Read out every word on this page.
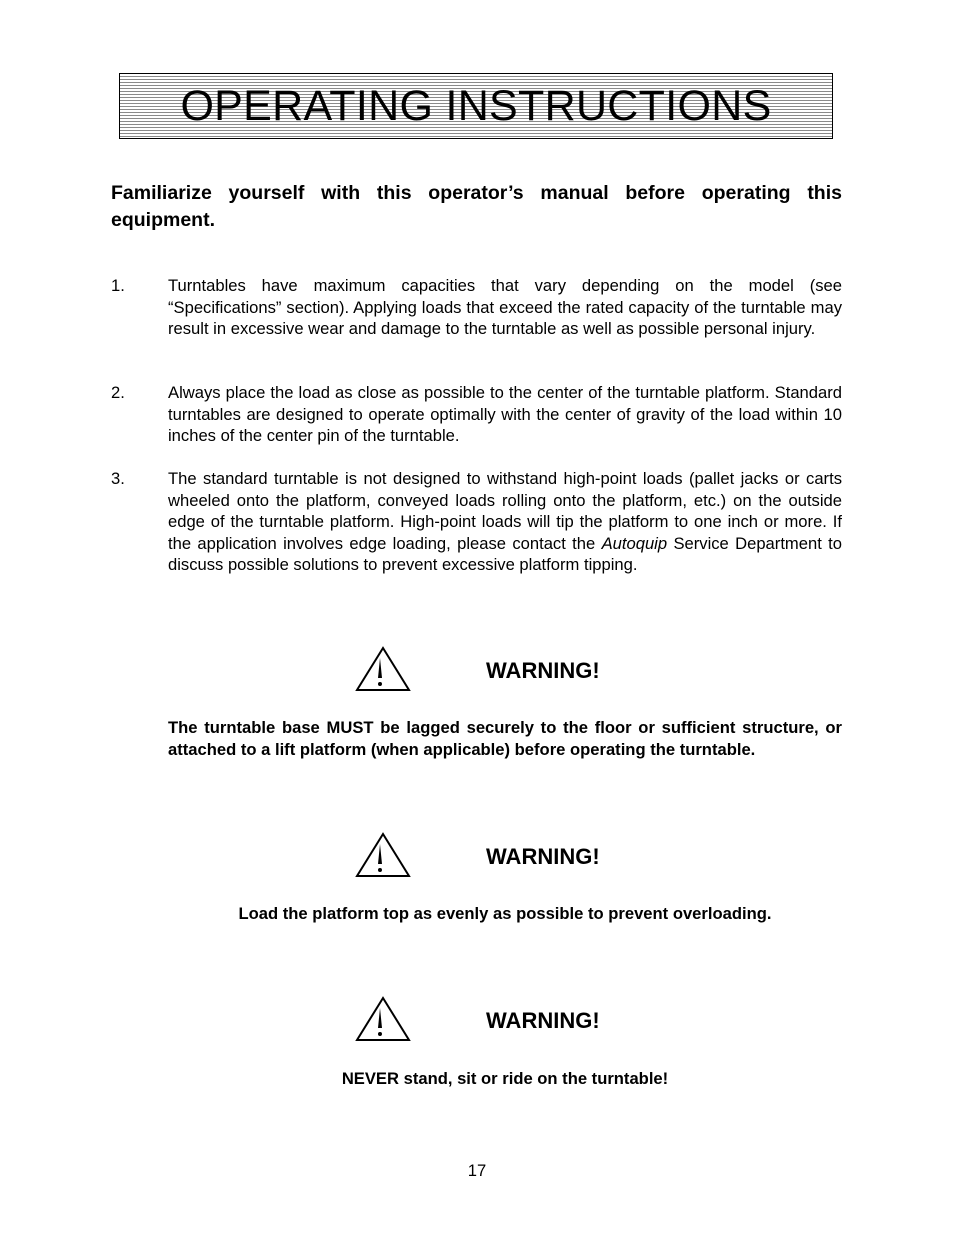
OPERATING INSTRUCTIONS
Familiarize yourself with this operator’s manual before operating this equipment.
1.	Turntables have maximum capacities that vary depending on the model (see “Specifications” section). Applying loads that exceed the rated capacity of the turntable may result in excessive wear and damage to the turntable as well as possible personal injury.
2.	Always place the load as close as possible to the center of the turntable platform. Standard turntables are designed to operate optimally with the center of gravity of the load within 10 inches of the center pin of the turntable.
3.	The standard turntable is not designed to withstand high-point loads (pallet jacks or carts wheeled onto the platform, conveyed loads rolling onto the platform, etc.) on the outside edge of the turntable platform. High-point loads will tip the platform to one inch or more. If the application involves edge loading, please contact the Autoquip Service Department to discuss possible solutions to prevent excessive platform tipping.
WARNING!
The turntable base MUST be lagged securely to the floor or sufficient structure, or attached to a lift platform (when applicable) before operating the turntable.
WARNING!
Load the platform top as evenly as possible to prevent overloading.
WARNING!
NEVER stand, sit or ride on the turntable!
17
